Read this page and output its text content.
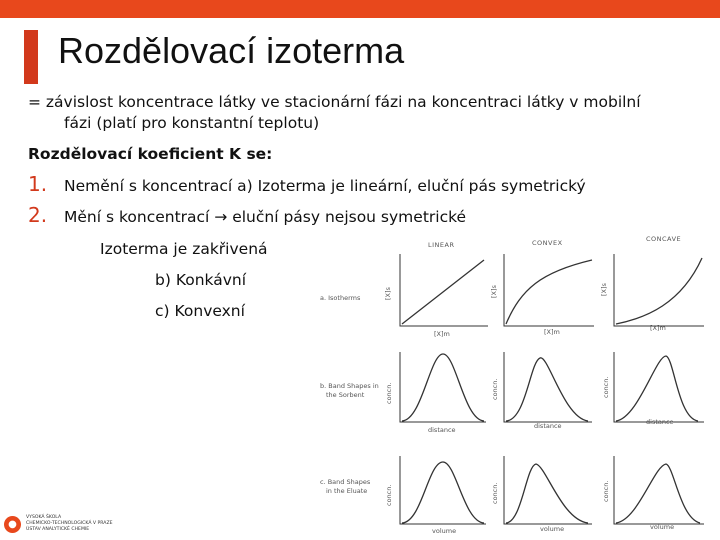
Rozdělovací izoterma
= závislost koncentrace látky ve stacionární fázi na koncentraci látky v mobilní
fázi (platí pro konstantní teplotu)
Rozdělovací koeficient K se:
1. Nemění s koncentrací a) Izoterma je lineární, eluční pás symetrický
2. Mění s koncentrací → eluční pásy nejsou symetrické
Izoterma je zakřivená
b) Konkávní
c) Konvexní
LINEAR	CONVEX	CONCAVE
a. Isotherms
b. Band Shapes in
the Sorbent
c. Band Shapes
in the Eluate
[X]s	[X]s	[X]s
[X]m	[X]m	[X]m
concn.	concn.	concn.
distance	distance	distance
concn.	concn.	concn.
volume	volume	volume
●
VYSOKÁ ŠKOLA
CHEMICKO-TECHNOLOGICKÁ V PRAZE
ÚSTAV ANALYTICKÉ CHEMIE
